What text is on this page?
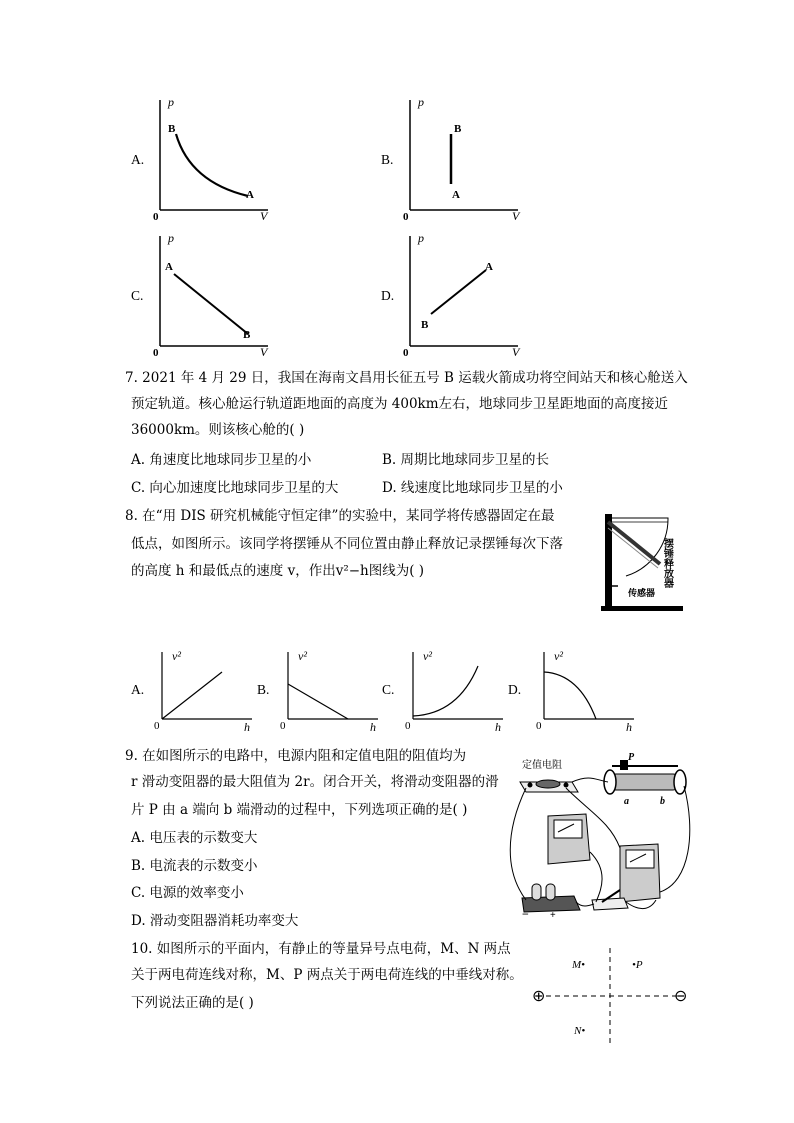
A.
p
V
0
B
A
B.
p
V
0
B
A
C.
p
V
0
A
B
D.
p
V
0
B
A
7. 2021 年 4 月 29 日，我国在海南文昌用长征五号 B 运载火箭成功将空间站天和核心舱送入
预定轨道。核心舱运行轨道距地面的高度为 400km左右，地球同步卫星距地面的高度接近
36000km。则该核心舱的( )
A. 角速度比地球同步卫星的小	B. 周期比地球同步卫星的长
C. 向心加速度比地球同步卫星的大	D. 线速度比地球同步卫星的小
8. 在“用 DIS 研究机械能守恒定律”的实验中，某同学将传感器固定在最
低点，如图所示。该同学将摆锤从不同位置由静止释放记录摆锤每次下落
的高度 h 和最低点的速度 v，作出v²−h图线为( )	摆锤释放器
传感器
A.
v²
h
0
B.
v²
h
0
C.
v²
h
0
D.
v²
h
0
9. 在如图所示的电路中，电源内阻和定值电阻的阻值均为
r 滑动变阻器的最大阻值为 2r。闭合开关，将滑动变阻器的滑
片 P 由 a 端向 b 端滑动的过程中，下列选项正确的是( )
A. 电压表的示数变大
B. 电流表的示数变小
C. 电源的效率变小
D. 滑动变阻器消耗功率变大
定值电阻
P
a	b
− +
10. 如图所示的平面内，有静止的等量异号点电荷，M、N 两点
关于两电荷连线对称，M、P 两点关于两电荷连线的中垂线对称。
下列说法正确的是( )	⊕	⊖
M•	•P
N•
